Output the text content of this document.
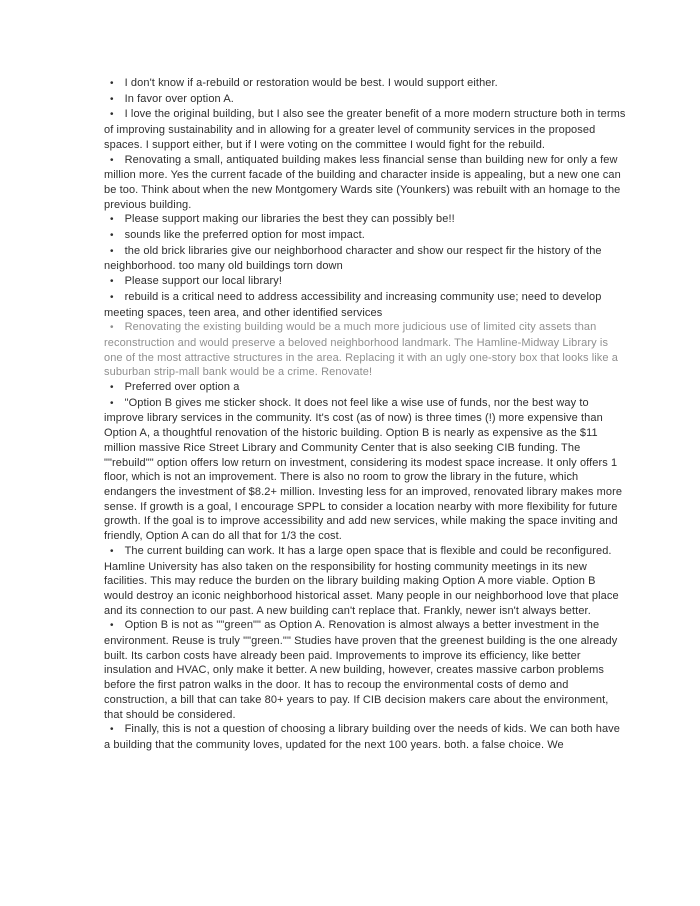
• I don't know if a-rebuild or restoration would be best. I would support either.
• In favor over option A.
• I love the original building, but I also see the greater benefit of a more modern structure both in terms of improving sustainability and in allowing for a greater level of community services in the proposed spaces. I support either, but if I were voting on the committee I would fight for the rebuild.
• Renovating a small, antiquated building makes less financial sense than building new for only a few million more. Yes the current facade of the building and character inside is appealing, but a new one can be too. Think about when the new Montgomery Wards site (Younkers) was rebuilt with an homage to the previous building.
• Please support making our libraries the best they can possibly be!!
• sounds like the preferred option for most impact.
• the old brick libraries give our neighborhood character and show our respect fir the history of the neighborhood. too many old buildings torn down
• Please support our local library!
• rebuild is a critical need to address accessibility and increasing community use; need to develop meeting spaces, teen area, and other identified services
• Renovating the existing building would be a much more judicious use of limited city assets than reconstruction and would preserve a beloved neighborhood landmark. The Hamline-Midway Library is one of the most attractive structures in the area. Replacing it with an ugly one-story box that looks like a suburban strip-mall bank would be a crime. Renovate!
• Preferred over option a
• "Option B gives me sticker shock. It does not feel like a wise use of funds, nor the best way to improve library services in the community. It's cost (as of now) is three times (!) more expensive than Option A, a thoughtful renovation of the historic building. Option B is nearly as expensive as the $11 million massive Rice Street Library and Community Center that is also seeking CIB funding. The ""rebuild"" option offers low return on investment, considering its modest space increase. It only offers 1 floor, which is not an improvement. There is also no room to grow the library in the future, which endangers the investment of $8.2+ million. Investing less for an improved, renovated library makes more sense. If growth is a goal, I encourage SPPL to consider a location nearby with more flexibility for future growth. If the goal is to improve accessibility and add new services, while making the space inviting and friendly, Option A can do all that for 1/3 the cost.
• The current building can work. It has a large open space that is flexible and could be reconfigured. Hamline University has also taken on the responsibility for hosting community meetings in its new facilities. This may reduce the burden on the library building making Option A more viable. Option B would destroy an iconic neighborhood historical asset. Many people in our neighborhood love that place and its connection to our past. A new building can't replace that. Frankly, newer isn't always better.
• Option B is not as ""green"" as Option A. Renovation is almost always a better investment in the environment. Reuse is truly ""green."" Studies have proven that the greenest building is the one already built. Its carbon costs have already been paid. Improvements to improve its efficiency, like better insulation and HVAC, only make it better. A new building, however, creates massive carbon problems before the first patron walks in the door. It has to recoup the environmental costs of demo and construction, a bill that can take 80+ years to pay. If CIB decision makers care about the environment, that should be considered.
• Finally, this is not a question of choosing a library building over the needs of kids. We can both have a building that the community loves, updated for the next 100 years. both. a false choice. We
